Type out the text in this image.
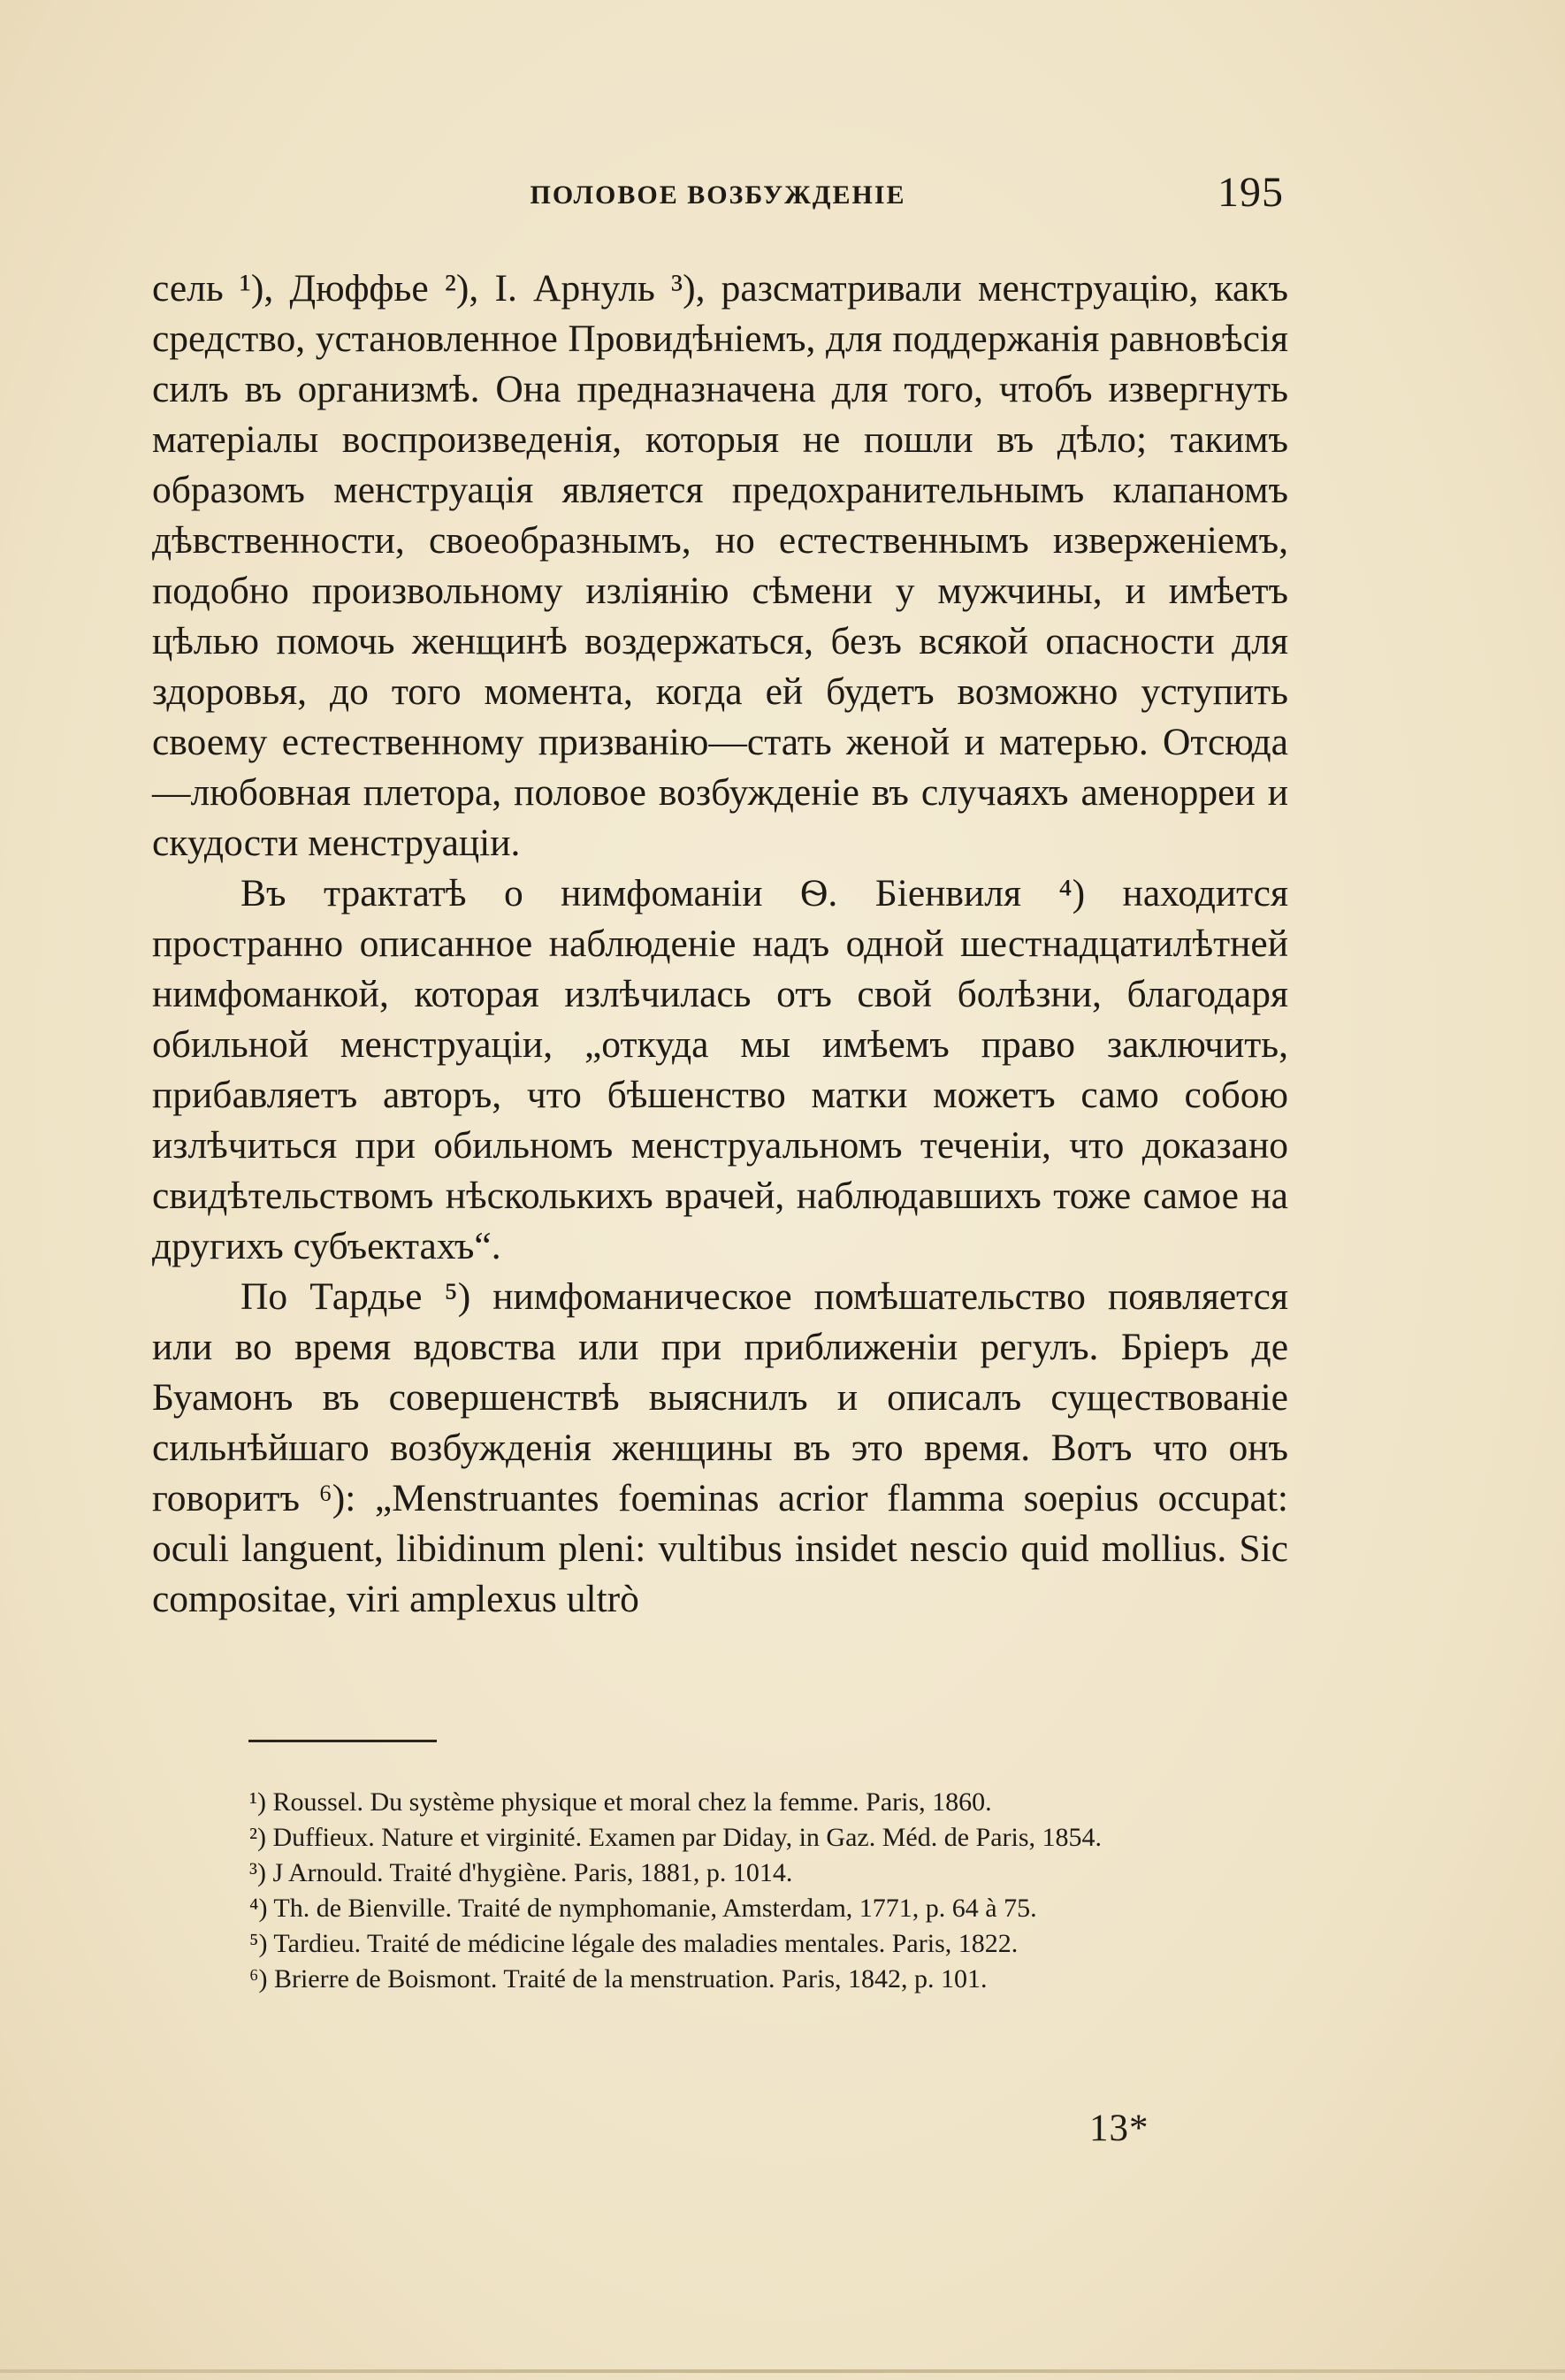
ПОЛОВОЕ ВОЗБУЖДЕНІЕ	195

сель ¹), Дюффье ²), І. Арнуль ³), разсматривали менструацію, какъ средство, установленное Провидѣніемъ, для поддержанія равновѣсія силъ въ организмѣ. Она предназначена для того, чтобъ извергнуть матеріалы воспроизведенія, которыя не пошли въ дѣло; такимъ образомъ менструація является предохранительнымъ клапаномъ дѣвственности, своеобразнымъ, но естественнымъ изверженіемъ, подобно произвольному изліянію сѣмени у мужчины, и имѣетъ цѣлью помочь женщинѣ воздержаться, безъ всякой опасности для здоровья, до того момента, когда ей будетъ возможно уступить своему естественному призванію—стать женой и матерью. Отсюда—любовная плетора, половое возбужденіе въ случаяхъ аменорреи и скудости менструаціи.

Въ трактатѣ о нимфоманіи Ѳ. Біенвиля ⁴) находится пространно описанное наблюденіе надъ одной шестнадцатилѣтней нимфоманкой, которая излѣчилась отъ свой болѣзни, благодаря обильной менструаціи, „откуда мы имѣемъ право заключить, прибавляетъ авторъ, что бѣшенство матки можетъ само собою излѣчиться при обильномъ менструальномъ теченіи, что доказано свидѣтельствомъ нѣсколькихъ врачей, наблюдавшихъ тоже самое на другихъ субъектахъ“.

По Тардье ⁵) нимфоманическое помѣшательство появляется или во время вдовства или при приближеніи регулъ. Бріеръ де Буамонъ въ совершенствѣ выяснилъ и описалъ существованіе сильнѣйшаго возбужденія женщины въ это время. Вотъ что онъ говоритъ ⁶): „Menstruantes foeminas acrior flamma soepius occupat: oculi languent, libidinum pleni: vultibus insidet nescio quid mollius. Sic compositae, viri amplexus ultrò

¹) Roussel. Du système physique et moral chez la femme. Paris, 1860.

²) Duffieux. Nature et virginité. Examen par Diday, in Gaz. Méd. de Paris, 1854.

³) J Arnould. Traité d'hygiène. Paris, 1881, p. 1014.

⁴) Th. de Bienville. Traité de nymphomanie, Amsterdam, 1771, p. 64 à 75.

⁵) Tardieu. Traité de médicine légale des maladies mentales. Paris, 1822.

⁶) Brierre de Boismont. Traité de la menstruation. Paris, 1842, p. 101.

13*
